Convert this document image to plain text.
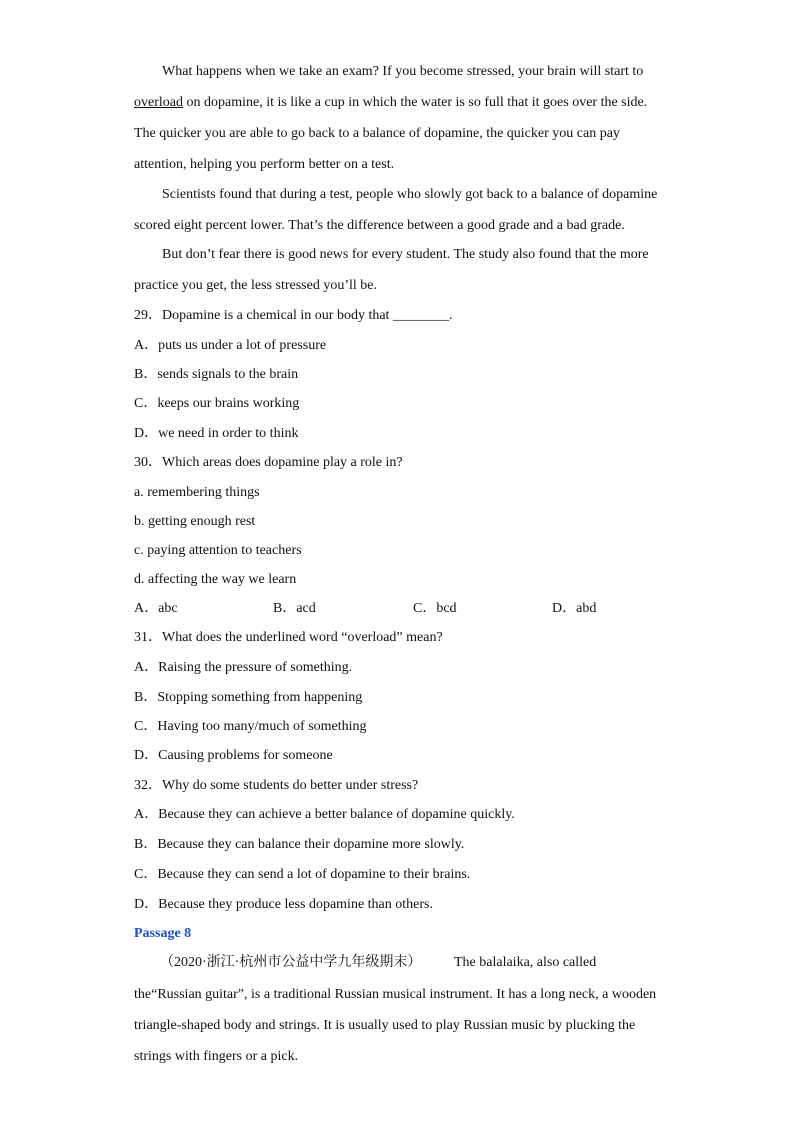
What happens when we take an exam? If you become stressed, your brain will start to
overload on dopamine, it is like a cup in which the water is so full that it goes over the side.
The quicker you are able to go back to a balance of dopamine, the quicker you can pay
attention, helping you perform better on a test.
Scientists found that during a test, people who slowly got back to a balance of dopamine
scored eight percent lower. That’s the difference between a good grade and a bad grade.
But don’t fear there is good news for every student. The study also found that the more
practice you get, the less stressed you’ll be.
29．Dopamine is a chemical in our body that ________.
A．puts us under a lot of pressure
B．sends signals to the brain
C．keeps our brains working
D．we need in order to think
30．Which areas does dopamine play a role in?
a. remembering things
b. getting enough rest
c. paying attention to teachers
d. affecting the way we learn
A．abc	B．acd	C．bcd	D．abd
31．What does the underlined word “overload” mean?
A．Raising the pressure of something.
B．Stopping something from happening
C．Having too many/much of something
D．Causing problems for someone
32．Why do some students do better under stress?
A．Because they can achieve a better balance of dopamine quickly.
B．Because they can balance their dopamine more slowly.
C．Because they can send a lot of dopamine to their brains.
D．Because they produce less dopamine than others.
Passage 8
（2020·浙江·杭州市公益中学九年级期末） The balalaika, also called
the“Russian guitar”, is a traditional Russian musical instrument. It has a long neck, a wooden
triangle-shaped body and strings. It is usually used to play Russian music by plucking the
strings with fingers or a pick.
